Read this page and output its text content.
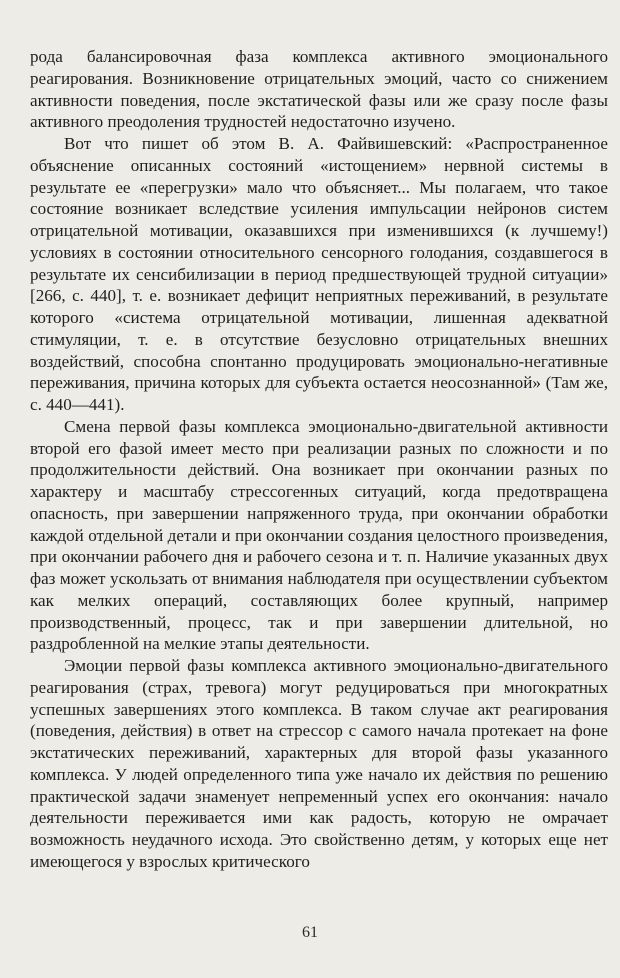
рода балансировочная фаза комплекса активного эмоционального реагирования. Возникновение отрицательных эмоций, часто со снижением активности поведения, после экстатической фазы или же сразу после фазы активного преодоления трудностей недостаточно изучено.

Вот что пишет об этом В. А. Файвишевский: «Распространенное объяснение описанных состояний «истощением» нервной системы в результате ее «перегрузки» мало что объясняет... Мы полагаем, что такое состояние возникает вследствие усиления импульсации нейронов систем отрицательной мотивации, оказавшихся при изменившихся (к лучшему!) условиях в состоянии относительного сенсорного голодания, создавшегося в результате их сенсибилизации в период предшествующей трудной ситуации» [266, с. 440], т. е. возникает дефицит неприятных переживаний, в результате которого «система отрицательной мотивации, лишенная адекватной стимуляции, т. е. в отсутствие безусловно отрицательных внешних воздействий, способна спонтанно продуцировать эмоционально-негативные переживания, причина которых для субъекта остается неосознанной» (Там же, с. 440—441).

Смена первой фазы комплекса эмоционально-двигательной активности второй его фазой имеет место при реализации разных по сложности и по продолжительности действий. Она возникает при окончании разных по характеру и масштабу стрессогенных ситуаций, когда предотвращена опасность, при завершении напряженного труда, при окончании обработки каждой отдельной детали и при окончании создания целостного произведения, при окончании рабочего дня и рабочего сезона и т. п. Наличие указанных двух фаз может ускользать от внимания наблюдателя при осуществлении субъектом как мелких операций, составляющих более крупный, например производственный, процесс, так и при завершении длительной, но раздробленной на мелкие этапы деятельности.

Эмоции первой фазы комплекса активного эмоционально-двигательного реагирования (страх, тревога) могут редуцироваться при многократных успешных завершениях этого комплекса. В таком случае акт реагирования (поведения, действия) в ответ на стрессор с самого начала протекает на фоне экстатических переживаний, характерных для второй фазы указанного комплекса. У людей определенного типа уже начало их действия по решению практической задачи знаменует непременный успех его окончания: начало деятельности переживается ими как радость, которую не омрачает возможность неудачного исхода. Это свойственно детям, у которых еще нет имеющегося у взрослых критического

61
